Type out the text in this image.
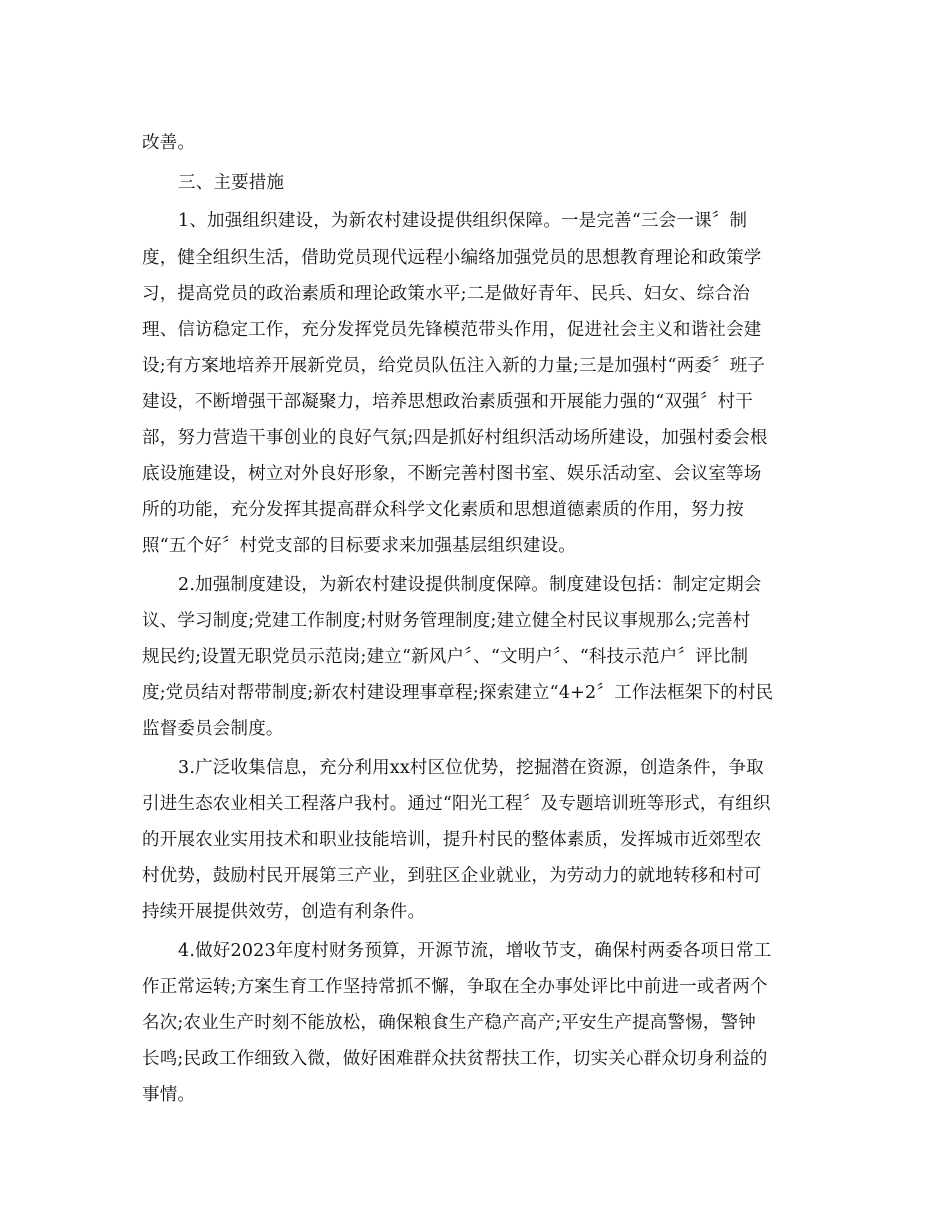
改善。
三、主要措施
1、加强组织建设，为新农村建设提供组织保障。一是完善“三会一课〞制
度，健全组织生活，借助党员现代远程小编络加强党员的思想教育理论和政策学
习，提高党员的政治素质和理论政策水平;二是做好青年、民兵、妇女、综合治
理、信访稳定工作，充分发挥党员先锋模范带头作用，促进社会主义和谐社会建
设;有方案地培养开展新党员，给党员队伍注入新的力量;三是加强村“两委〞班子
建设，不断增强干部凝聚力，培养思想政治素质强和开展能力强的“双强〞村干
部，努力营造干事创业的良好气氛;四是抓好村组织活动场所建设，加强村委会根
底设施建设，树立对外良好形象，不断完善村图书室、娱乐活动室、会议室等场
所的功能，充分发挥其提高群众科学文化素质和思想道德素质的作用，努力按
照“五个好〞村党支部的目标要求来加强基层组织建设。
2.加强制度建设，为新农村建设提供制度保障。制度建设包括：制定定期会
议、学习制度;党建工作制度;村财务管理制度;建立健全村民议事规那么;完善村
规民约;设置无职党员示范岗;建立“新风户〞、“文明户〞、“科技示范户〞评比制
度;党员结对帮带制度;新农村建设理事章程;探索建立“4+2〞工作法框架下的村民
监督委员会制度。
3.广泛收集信息，充分利用xx村区位优势，挖掘潜在资源，创造条件，争取
引进生态农业相关工程落户我村。通过“阳光工程〞及专题培训班等形式，有组织
的开展农业实用技术和职业技能培训，提升村民的整体素质，发挥城市近郊型农
村优势，鼓励村民开展第三产业，到驻区企业就业，为劳动力的就地转移和村可
持续开展提供效劳，创造有利条件。
4.做好2023年度村财务预算，开源节流，增收节支，确保村两委各项日常工
作正常运转;方案生育工作坚持常抓不懈，争取在全办事处评比中前进一或者两个
名次;农业生产时刻不能放松，确保粮食生产稳产高产;平安生产提高警惕，警钟
长鸣;民政工作细致入微，做好困难群众扶贫帮扶工作，切实关心群众切身利益的
事情。
